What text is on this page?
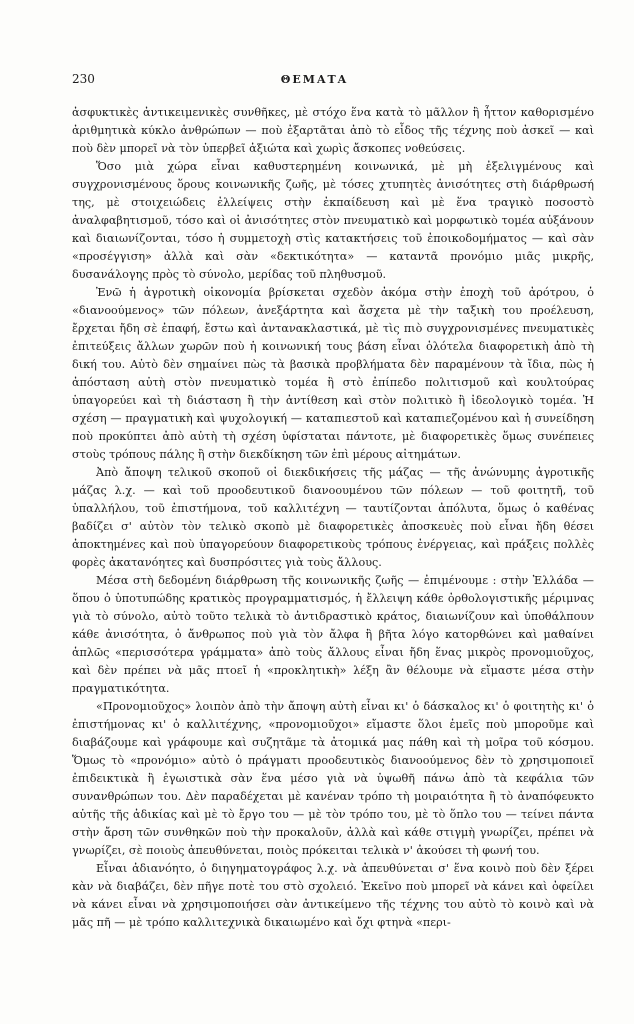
230	ΘΕΜΑΤΑ

ἀσφυκτικὲς ἀντικειμενικὲς συνθῆκες, μὲ στόχο ἕνα κατὰ τὸ μᾶλλον ἢ ἧττον καθορισμένο ἀριθμητικὰ κύκλο ἀνθρώπων — ποὺ ἐξαρτᾶται ἀπὸ τὸ εἶδος τῆς τέχνης ποὺ ἀσκεῖ — καὶ ποὺ δὲν μπορεῖ νὰ τὸν ὑπερβεῖ ἀξιώτα καὶ χωρὶς ἄσκοπες νοθεύσεις.

Ὅσο μιὰ χώρα εἶναι καθυστερημένη κοινωνικά, μὲ μὴ ἐξελιγμένους καὶ συγχρονισμένους ὅρους κοινωνικῆς ζωῆς, μὲ τόσες χτυπητὲς ἀνισότητες στὴ διάρθρωσή της, μὲ στοιχειώδεις ἐλλείψεις στὴν ἐκπαίδευση καὶ μὲ ἕνα τραγικὸ ποσοστὸ ἀναλφαβητισμοῦ, τόσο καὶ οἱ ἀνισότητες στὸν πνευματικὸ καὶ μορφωτικὸ τομέα αὐξάνουν καὶ διαιωνίζονται, τόσο ἡ συμμετοχὴ στὶς κατακτήσεις τοῦ ἐποικοδομήματος — καὶ σὰν «προσέγγιση» ἀλλὰ καὶ σὰν «δεκτικότητα» — καταντᾶ προνόμιο μιᾶς μικρῆς, δυσανάλογης πρὸς τὸ σύνολο, μερίδας τοῦ πληθυσμοῦ.

Ἐνῶ ἡ ἀγροτικὴ οἰκονομία βρίσκεται σχεδὸν ἀκόμα στὴν ἐποχὴ τοῦ ἀρότρου, ὁ «διανοούμενος» τῶν πόλεων, ἀνεξάρτητα καὶ ἄσχετα μὲ τὴν ταξικὴ του προέλευση, ἔρχεται ἤδη σὲ ἐπαφή, ἔστω καὶ ἀντανακλαστικά, μὲ τὶς πιὸ συγχρονισμένες πνευματικὲς ἐπιτεύξεις ἄλλων χωρῶν ποὺ ἡ κοινωνική τους βάση εἶναι ὁλότελα διαφορετικὴ ἀπὸ τὴ δική του. Αὐτὸ δὲν σημαίνει πὼς τὰ βασικὰ προβλήματα δὲν παραμένουν τὰ ἴδια, πὼς ἡ ἀπόσταση αὐτὴ στὸν πνευματικὸ τομέα ἢ στὸ ἐπίπεδο πολιτισμοῦ καὶ κουλτούρας ὑπαγορεύει καὶ τὴ διάσταση ἢ τὴν ἀντίθεση καὶ στὸν πολιτικὸ ἢ ἰδεολογικὸ τομέα. Ἡ σχέση — πραγματικὴ καὶ ψυχολογική — καταπιεστοῦ καὶ καταπιεζομένου καὶ ἡ συνείδηση ποὺ προκύπτει ἀπὸ αὐτὴ τὴ σχέση ὑφίσταται πάντοτε, μὲ διαφορετικὲς ὅμως συνέπειες στοὺς τρόπους πάλης ἢ στὴν διεκδίκηση τῶν ἐπὶ μέρους αἰτημάτων.

Ἀπὸ ἄποψη τελικοῦ σκοποῦ οἱ διεκδικήσεις τῆς μάζας — τῆς ἀνώνυμης ἀγροτικῆς μάζας λ.χ. — καὶ τοῦ προοδευτικοῦ διανοουμένου τῶν πόλεων — τοῦ φοιτητῆ, τοῦ ὑπαλλήλου, τοῦ ἐπιστήμονα, τοῦ καλλιτέχνη — ταυτίζονται ἀπόλυτα, ὅμως ὁ καθένας βαδίζει σ' αὐτὸν τὸν τελικὸ σκοπὸ μὲ διαφορετικὲς ἀποσκευὲς ποὺ εἶναι ἤδη θέσει ἀποκτημένες καὶ ποὺ ὑπαγορεύουν διαφορετικοὺς τρόπους ἐνέργειας, καὶ πράξεις πολλὲς φορὲς ἀκατανόητες καὶ δυσπρόσιτες γιὰ τοὺς ἄλλους.

Μέσα στὴ δεδομένη διάρθρωση τῆς κοινωνικῆς ζωῆς — ἐπιμένουμε : στὴν Ἑλλάδα — ὅπου ὁ ὑποτυπώδης κρατικὸς προγραμματισμός, ἡ ἔλλειψη κάθε ὀρθολογιστικῆς μέριμνας γιὰ τὸ σύνολο, αὐτὸ τοῦτο τελικὰ τὸ ἀντιδραστικὸ κράτος, διαιωνίζουν καὶ ὑποθάλπουν κάθε ἀνισότητα, ὁ ἄνθρωπος ποὺ γιὰ τὸν ἄλφα ἢ βῆτα λόγο κατορθώνει καὶ μαθαίνει ἁπλῶς «περισσότερα γράμματα» ἀπὸ τοὺς ἄλλους εἶναι ἤδη ἕνας μικρὸς προνομιοῦχος, καὶ δὲν πρέπει νὰ μᾶς πτοεῖ ἡ «προκλητικὴ» λέξη ἂν θέλουμε νὰ εἴμαστε μέσα στὴν πραγματικότητα.

«Προνομιοῦχος» λοιπὸν ἀπὸ τὴν ἄποψη αὐτὴ εἶναι κι' ὁ δάσκαλος κι' ὁ φοιτητὴς κι' ὁ ἐπιστήμονας κι' ὁ καλλιτέχνης, «προνομιοῦχοι» εἴμαστε ὅλοι ἐμεῖς ποὺ μποροῦμε καὶ διαβάζουμε καὶ γράφουμε καὶ συζητᾶμε τὰ ἀτομικά μας πάθη καὶ τὴ μοῖρα τοῦ κόσμου. Ὅμως τὸ «προνόμιο» αὐτὸ ὁ πράγματι προοδευτικὸς διανοούμενος δὲν τὸ χρησιμοποιεῖ ἐπιδεικτικὰ ἢ ἐγωιστικὰ σὰν ἕνα μέσο γιὰ νὰ ὑψωθῆ πάνω ἀπὸ τὰ κεφάλια τῶν συνανθρώπων του. Δὲν παραδέχεται μὲ κανέναν τρόπο τὴ μοιραιότητα ἢ τὸ ἀναπόφευκτο αὐτῆς τῆς ἀδικίας καὶ μὲ τὸ ἔργο του — μὲ τὸν τρόπο του, μὲ τὸ ὅπλο του — τείνει πάντα στὴν ἄρση τῶν συνθηκῶν ποὺ τὴν προκαλοῦν, ἀλλὰ καὶ κάθε στιγμὴ γνωρίζει, πρέπει νὰ γνωρίζει, σὲ ποιοὺς ἀπευθύνεται, ποιὸς πρόκειται τελικὰ ν' ἀκούσει τὴ φωνή του.

Εἶναι ἀδιανόητο, ὁ διηγηματογράφος λ.χ. νὰ ἀπευθύνεται σ' ἕνα κοινὸ ποὺ δὲν ξέρει κὰν νὰ διαβάζει, δὲν πῆγε ποτὲ του στὸ σχολειό. Ἐκεῖνο ποὺ μπορεῖ νὰ κάνει καὶ ὀφείλει νὰ κάνει εἶναι νὰ χρησιμοποιήσει σὰν ἀντικείμενο τῆς τέχνης του αὐτὸ τὸ κοινὸ καὶ νὰ μᾶς πῆ — μὲ τρόπο καλλιτεχνικὰ δικαιωμένο καὶ ὄχι φτηνὰ «περι-
